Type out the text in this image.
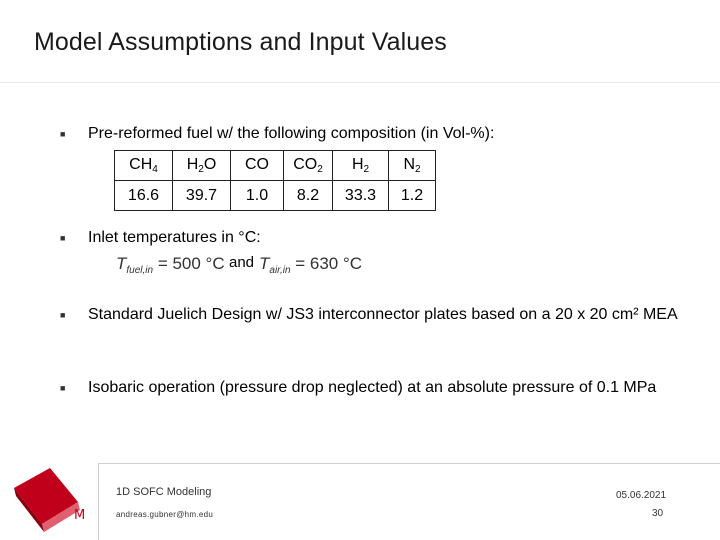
Model Assumptions and Input Values
■ Pre-reformed fuel w/ the following composition (in Vol-%):
$CH_4$	$H_2O$	CO	$CO_2$	$H_2$	$N_2$
16.6	39.7	1.0	8.2	33.3	1.2
■ Inlet temperatures in °C:
$T_{fuel,in} = 500$ °C and $T_{air,in} = 630$ °C
■ Standard Juelich Design w/ JS3 interconnector plates based on a 20 x 20 cm² MEA
■ Isobaric operation (pressure drop neglected) at an absolute pressure of 0.1 MPa
M
1D SOFC Modeling
andreas.gubner@hm.edu
05.06.2021
30
